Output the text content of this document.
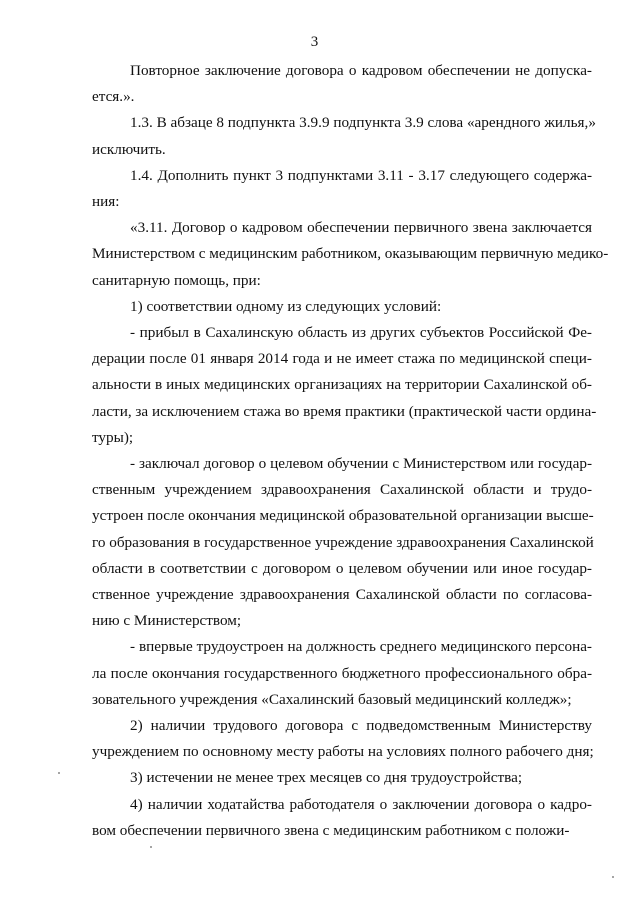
3

Повторное заключение договора о кадровом обеспечении не допуска-
ется.».

1.3. В абзаце 8 подпункта 3.9.9 подпункта 3.9 слова «арендного жилья,»
исключить.

1.4. Дополнить пункт 3 подпунктами 3.11 - 3.17 следующего содержа-
ния:

«3.11. Договор о кадровом обеспечении первичного звена заключается
Министерством с медицинским работником, оказывающим первичную медико-
санитарную помощь, при:

1) соответствии одному из следующих условий:

- прибыл в Сахалинскую область из других субъектов Российской Фе-
дерации после 01 января 2014 года и не имеет стажа по медицинской специ-
альности в иных медицинских организациях на территории Сахалинской об-
ласти, за исключением стажа во время практики (практической части ордина-
туры);

- заключал договор о целевом обучении с Министерством или государ-
ственным учреждением здравоохранения Сахалинской области и трудо-
устроен после окончания медицинской образовательной организации высше-
го образования в государственное учреждение здравоохранения Сахалинской
области в соответствии с договором о целевом обучении или иное государ-
ственное учреждение здравоохранения Сахалинской области по согласова-
нию с Министерством;

- впервые трудоустроен на должность среднего медицинского персона-
ла после окончания государственного бюджетного профессионального обра-
зовательного учреждения «Сахалинский базовый медицинский колледж»;

2) наличии трудового договора с подведомственным Министерству
учреждением по основному месту работы на условиях полного рабочего дня;

3) истечении не менее трех месяцев со дня трудоустройства;

4) наличии ходатайства работодателя о заключении договора о кадро-
вом обеспечении первичного звена с медицинским работником с положи-
